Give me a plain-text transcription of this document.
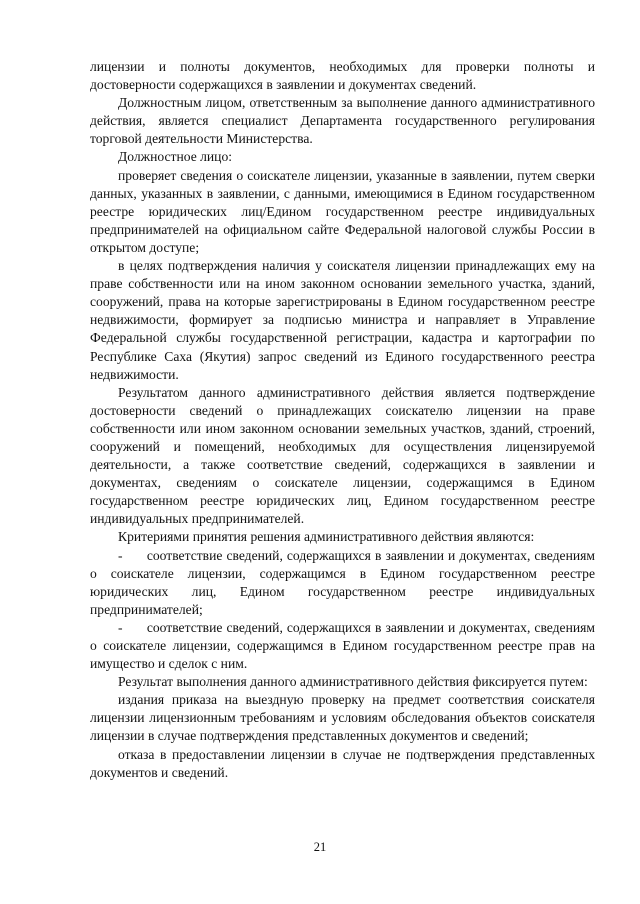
лицензии и полноты документов, необходимых для проверки полноты и достоверности содержащихся в заявлении и документах сведений.

Должностным лицом, ответственным за выполнение данного административного действия, является специалист Департамента государственного регулирования торговой деятельности Министерства.

Должностное лицо:

проверяет сведения о соискателе лицензии, указанные в заявлении, путем сверки данных, указанных в заявлении, с данными, имеющимися в Едином государственном реестре юридических лиц/Едином государственном реестре индивидуальных предпринимателей на официальном сайте Федеральной налоговой службы России в открытом доступе;

в целях подтверждения наличия у соискателя лицензии принадлежащих ему на праве собственности или на ином законном основании земельного участка, зданий, сооружений, права на которые зарегистрированы в Едином государственном реестре недвижимости, формирует за подписью министра и направляет в Управление Федеральной службы государственной регистрации, кадастра и картографии по Республике Саха (Якутия) запрос сведений из Единого государственного реестра недвижимости.

Результатом данного административного действия является подтверждение достоверности сведений о принадлежащих соискателю лицензии на праве собственности или ином законном основании земельных участков, зданий, строений, сооружений и помещений, необходимых для осуществления лицензируемой деятельности, а также соответствие сведений, содержащихся в заявлении и документах, сведениям о соискателе лицензии, содержащимся в Едином государственном реестре юридических лиц, Едином государственном реестре индивидуальных предпринимателей.

Критериями принятия решения административного действия являются:

-      соответствие сведений, содержащихся в заявлении и документах, сведениям о соискателе лицензии, содержащимся в Едином государственном реестре юридических лиц, Едином государственном реестре индивидуальных предпринимателей;

-      соответствие сведений, содержащихся в заявлении и документах, сведениям о соискателе лицензии, содержащимся в Едином государственном реестре прав на имущество и сделок с ним.

Результат выполнения данного административного действия фиксируется путем:

издания приказа на выездную проверку на предмет соответствия соискателя лицензии лицензионным требованиям и условиям обследования объектов соискателя лицензии в случае подтверждения представленных документов и сведений;

отказа в предоставлении лицензии в случае не подтверждения представленных документов и сведений.

21
